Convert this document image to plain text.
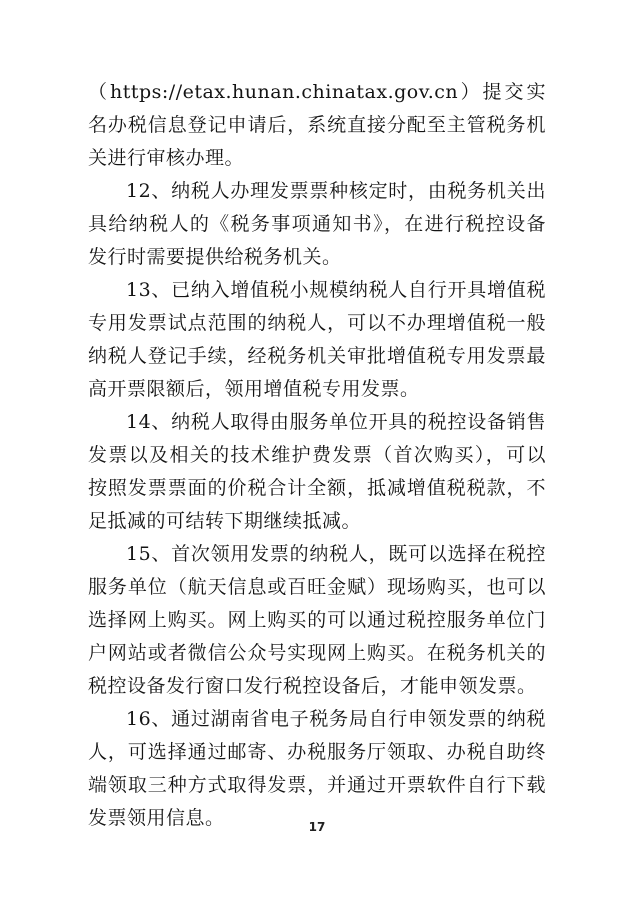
（https://etax.hunan.chinatax.gov.cn）提交实名办税信息登记申请后，系统直接分配至主管税务机关进行审核办理。

12、纳税人办理发票票种核定时，由税务机关出具给纳税人的《税务事项通知书》，在进行税控设备发行时需要提供给税务机关。

13、已纳入增值税小规模纳税人自行开具增值税专用发票试点范围的纳税人，可以不办理增值税一般纳税人登记手续，经税务机关审批增值税专用发票最高开票限额后，领用增值税专用发票。

14、纳税人取得由服务单位开具的税控设备销售发票以及相关的技术维护费发票（首次购买），可以按照发票票面的价税合计全额，抵减增值税税款，不足抵减的可结转下期继续抵减。

15、首次领用发票的纳税人，既可以选择在税控服务单位（航天信息或百旺金赋）现场购买，也可以选择网上购买。网上购买的可以通过税控服务单位门户网站或者微信公众号实现网上购买。在税务机关的税控设备发行窗口发行税控设备后，才能申领发票。

16、通过湖南省电子税务局自行申领发票的纳税人，可选择通过邮寄、办税服务厅领取、办税自助终端领取三种方式取得发票，并通过开票软件自行下载发票领用信息。	17
